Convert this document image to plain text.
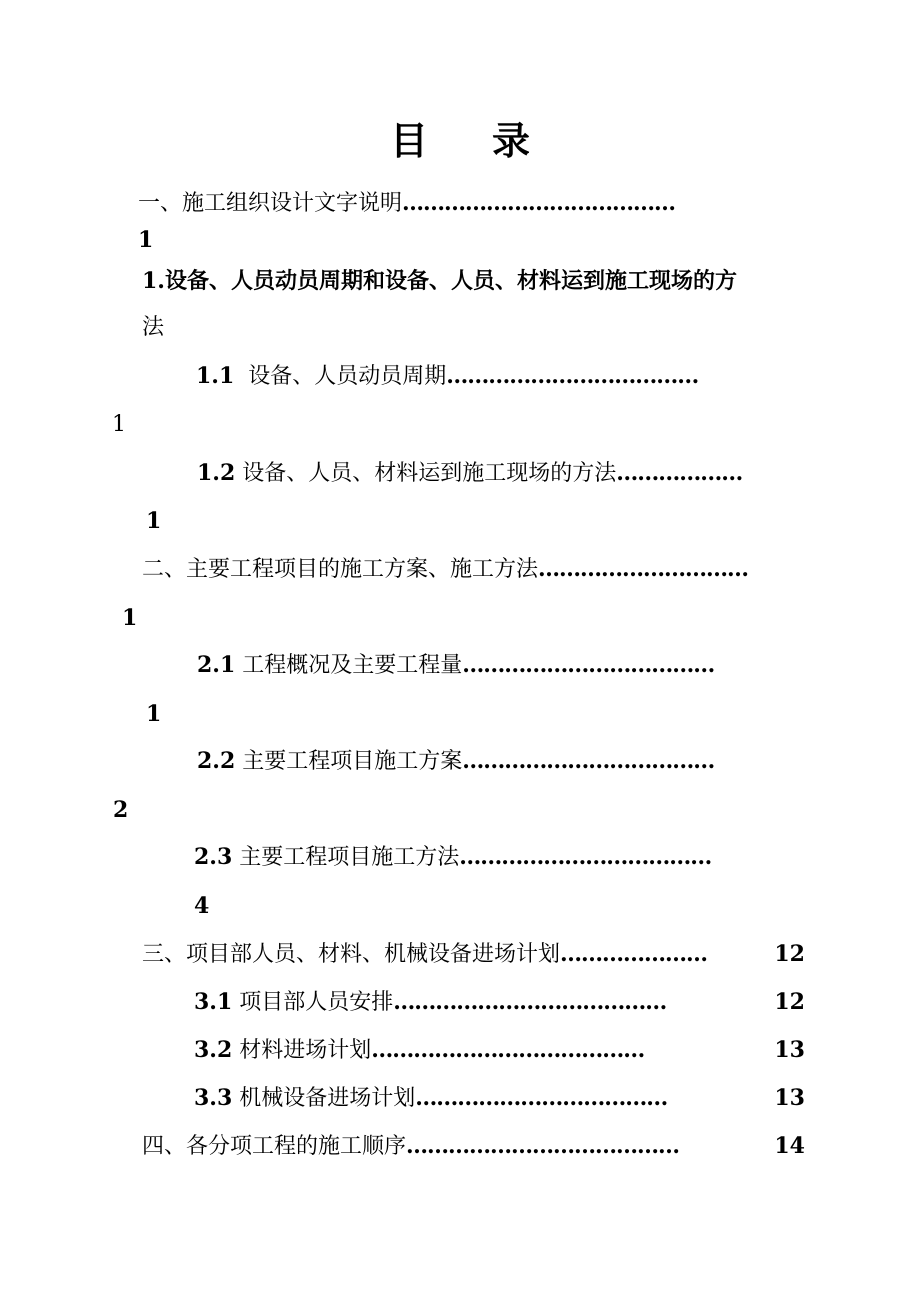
目录
一、施工组织设计文字说明…………………………………
1
1.设备、人员动员周期和设备、人员、材料运到施工现场的方
法
1.1 设备、人员动员周期………………………………
1
1.2 设备、人员、材料运到施工现场的方法………………
1
二、主要工程项目的施工方案、施工方法…………………………
1
2.1 工程概况及主要工程量………………………………
1
2.2 主要工程项目施工方案………………………………
2
2.3 主要工程项目施工方法………………………………
4
三、项目部人员、材料、机械设备进场计划…………………	12
3.1 项目部人员安排…………………………………	12
3.2 材料进场计划…………………………………	13
3.3 机械设备进场计划………………………………	13
四、各分项工程的施工顺序…………………………………	14
